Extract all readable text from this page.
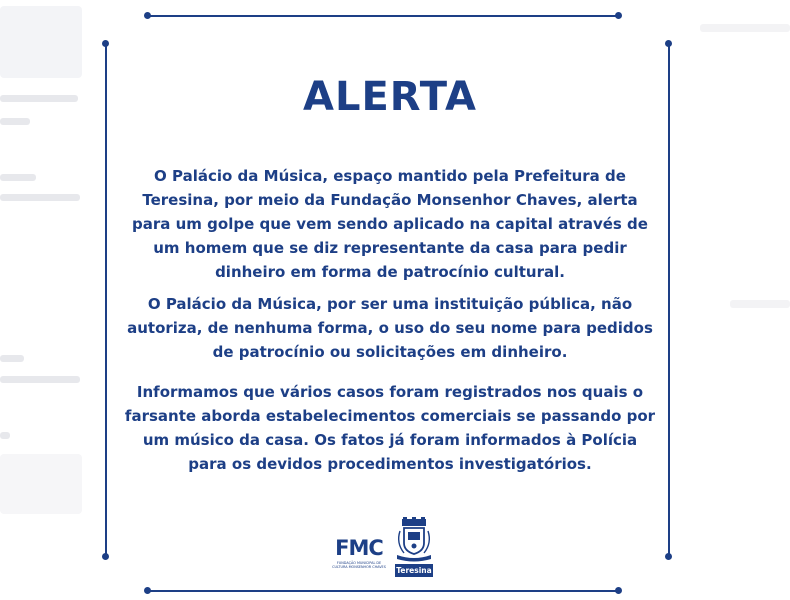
ALERTA
O Palácio da Música, espaço mantido pela Prefeitura de Teresina, por meio da Fundação Monsenhor Chaves, alerta para um golpe que vem sendo aplicado na capital através de um homem que se diz representante da casa para pedir dinheiro em forma de patrocínio cultural.
O Palácio da Música, por ser uma instituição pública, não autoriza, de nenhuma forma, o uso do seu nome para pedidos de patrocínio ou solicitações em dinheiro.
Informamos que vários casos foram registrados nos quais o farsante aborda estabelecimentos comerciais se passando por um músico da casa. Os fatos já foram informados à Polícia para os devidos procedimentos investigatórios.
FMC
FUNDAÇÃO MUNICIPAL DE CULTURA MONSENHOR CHAVES Teresina
